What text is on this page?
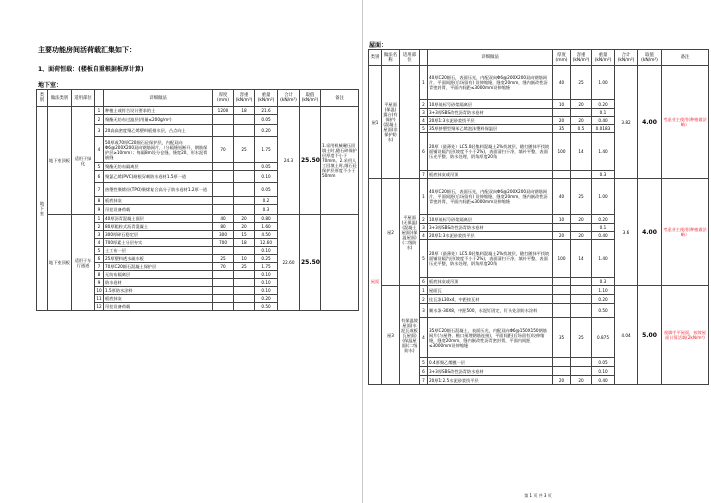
主要功能房间活荷载汇集如下：
1、面荷恒载：(楼板自重根据板厚计算)
地下室：
类别	做法类别	适用部位		详细做法	厚度 (mm)	容重 (kN/m³)	重量 (kN/m²)	合计 (kN/m²)	取值 (kN/m²)	备注
地下室	地下室顶板	适用于绿化	1	种植土或符合设计要求的土	1200	18	21.6	24.3	25.50	1.采用机械碾压回填土时,随石碎保护层厚度不小于70mm。2.采用人工回填土时,细石砼保护层厚度不小于50mm
			2	聚酯无纺布过滤层(用量≤200g/m²)			0.05			
			3	20高高密度聚乙烯塑料板排水层，凸点向上			0.20			
			4	50厚或70厚C20细石砼保护层，内配双向Φ6@200X200双向钢筋网片，（分隔缝短断开，钢筋保护层≥10mm）；每隔8m设分仓缝，缝宽20，形水泥膏嵌缝	70	25	1.75			
			5	聚酯无纺布隔离层			0.05			
			6	聚氯乙烯(PVC)耐根穿刺防水卷材1.5厚一道			0.10			
			7	热塑性聚烯烃(TPO)聚烯复合高分子防水卷材1.2厚一道			0.05			
			8	板底抹灰			0.2			
			9	吊挂设备荷载			0.3			
	地下室顶板	适用于车行通道	1	40厚沥青混凝土面层	40	20	0.80	22.60	25.50	
			2	80厚粗粒式沥青混凝土	80	20	1.60			
			3	300厚碎石稳定层	300	15	4.50			
			4	700厚素土分层夯实	700	18	12.60			
			5	土工布一层			0.10			
			6	25厚塑料透水疏水板	25	10	0.25			
			7	70厚C20细石混凝土保护层	70	25	1.75			
			8	无纺布隔离层			0.10			
			9	防水卷材			0.10			
			10	1.5厚防水涂料			0.10			
			11	板底抹灰			0.20			
			12	吊挂设备荷载			0.50			
屋面：
类别	做法名称	适用部位		详细做法	厚度 (mm)	容重 (kN/m³)	重量 (kN/m²)	合计 (kN/m²)	取值 (kN/m²)	备注
屋1	平屋面(保温)露台(有保护)(混凝土屋面(非保护防水)		1	40厚C20细石，表面压光，内配双向Φ6@200X200双向钢筋网片，平面间距(后场留有) 设伸缩缝，缝宽20mm，缝内嵌改性沥青密封膏，平面内间距≤3000mm设伸缩缝	40	25	1.00	3.82	4.00	考虑业主使用(种植做法略）
			2	10厚低标号砂浆隔离层	10	20	0.20			
			3	3+3厚SBS改性沥青防水卷材			0.1			
			4	20厚1:3水泥砂浆找平层	20	20	0.40			
			5	35厚挤塑型聚苯乙烯泡沫塑料保温层	35	0.5	0.0183			
			6	20厚（最薄处）LC5.0轻集料混凝土2%找坡层，随打随抹平找坡面铺设隔汽层(坡度不小于2%)，表面清扫干净，填补平整，表面压光平整，防水处理，阴角厚度20角	100	14	1.40			
			7	板底抹灰或吊顶			0.3			
屋面	屋2	平屋面(无保温)(混凝土屋面)(保温屋面)(二级防水)	1	40厚C20细石，表面压光，内配双向Φ6@200X200双向钢筋网片，平面间距(后场留有) 设伸缩缝，缝宽20mm，缝内嵌改性沥青密封膏，平面内间距≤3000mm设伸缩缝	40	25	1.00	3.6	4.00	考虑业主使用(种植做法略）
			2	10厚低标号砂浆隔离层	10	20	0.20			
			3	3+3厚SBS改性沥青防水卷材			0.1			
			4	20厚1:3水泥砂浆找平层	20	20	0.40			
			5	20厚（最薄处）LC5.0轻集料混凝土2%找坡层，随打随抹平找坡面铺设隔汽层(坡度不小于2%)，表面清扫干净，填补平整，表面压光平整，防水处理，阴角厚度20角	100	14	1.40			
			6	板底抹灰或吊顶			0.3			
	屋3	有保温坡屋面(水泥瓦或板瓦屋面)(保温屋面)(二级防水)	1	屋面瓦			1.10	4.04	5.00	视脚手平屋面，按坡屋面计算活载(2kN/m²)
			2	挂瓦条L30x4，中距按瓦材			0.20			
			3	顺水条-30X8，中距500，水泥钉固定，钉头处涂防水涂料			0.50			
			4	35厚C20细石混凝土，表面压光，内配双向Φ6@150X150钢筋网片(与屋脊、檐口预埋钢筋连接)，平面间距(后场留有)设伸缩缝，缝宽20mm，缝内嵌改性沥青密封膏，平面内间距≤3000mm设伸缩缝	35	25	0.875			
			5	0.4厚聚乙烯膜一层			0.05			
			6	3+3厚SBS改性沥青防水卷材			0.10			
			7	20厚1:2.5水泥砂浆找平层	20	20	0.40			
第 1 页 共 3 页
